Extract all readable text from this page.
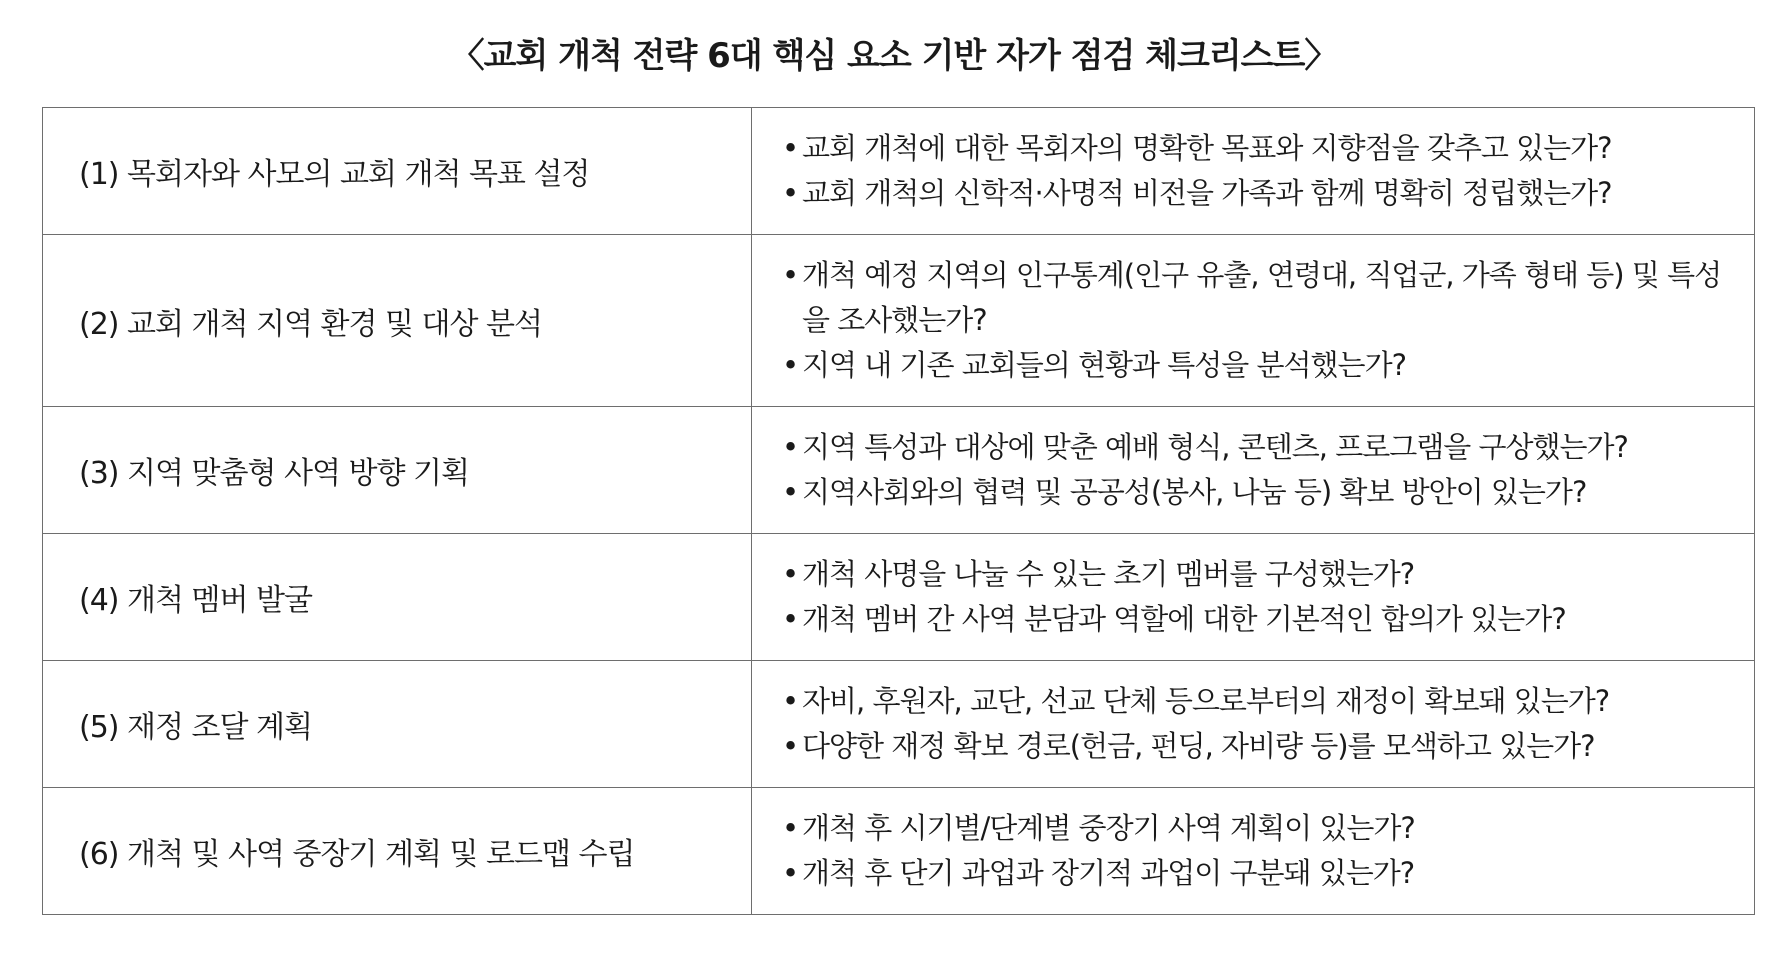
〈교회 개척 전략 6대 핵심 요소 기반 자가 점검 체크리스트〉
(1) 목회자와 사모의 교회 개척 목표 설정	• 교회 개척에 대한 목회자의 명확한 목표와 지향점을 갖추고 있는가?
• 교회 개척의 신학적·사명적 비전을 가족과 함께 명확히 정립했는가?

(2) 교회 개척 지역 환경 및 대상 분석	• 개척 예정 지역의 인구통계(인구 유출, 연령대, 직업군, 가족 형태 등) 및 특성을 조사했는가?
• 지역 내 기존 교회들의 현황과 특성을 분석했는가?

(3) 지역 맞춤형 사역 방향 기획	• 지역 특성과 대상에 맞춘 예배 형식, 콘텐츠, 프로그램을 구상했는가?
• 지역사회와의 협력 및 공공성(봉사, 나눔 등) 확보 방안이 있는가?

(4) 개척 멤버 발굴	• 개척 사명을 나눌 수 있는 초기 멤버를 구성했는가?
• 개척 멤버 간 사역 분담과 역할에 대한 기본적인 합의가 있는가?

(5) 재정 조달 계획	• 자비, 후원자, 교단, 선교 단체 등으로부터의 재정이 확보돼 있는가?
• 다양한 재정 확보 경로(헌금, 펀딩, 자비량 등)를 모색하고 있는가?

(6) 개척 및 사역 중장기 계획 및 로드맵 수립	• 개척 후 시기별/단계별 중장기 사역 계획이 있는가?
• 개척 후 단기 과업과 장기적 과업이 구분돼 있는가?
